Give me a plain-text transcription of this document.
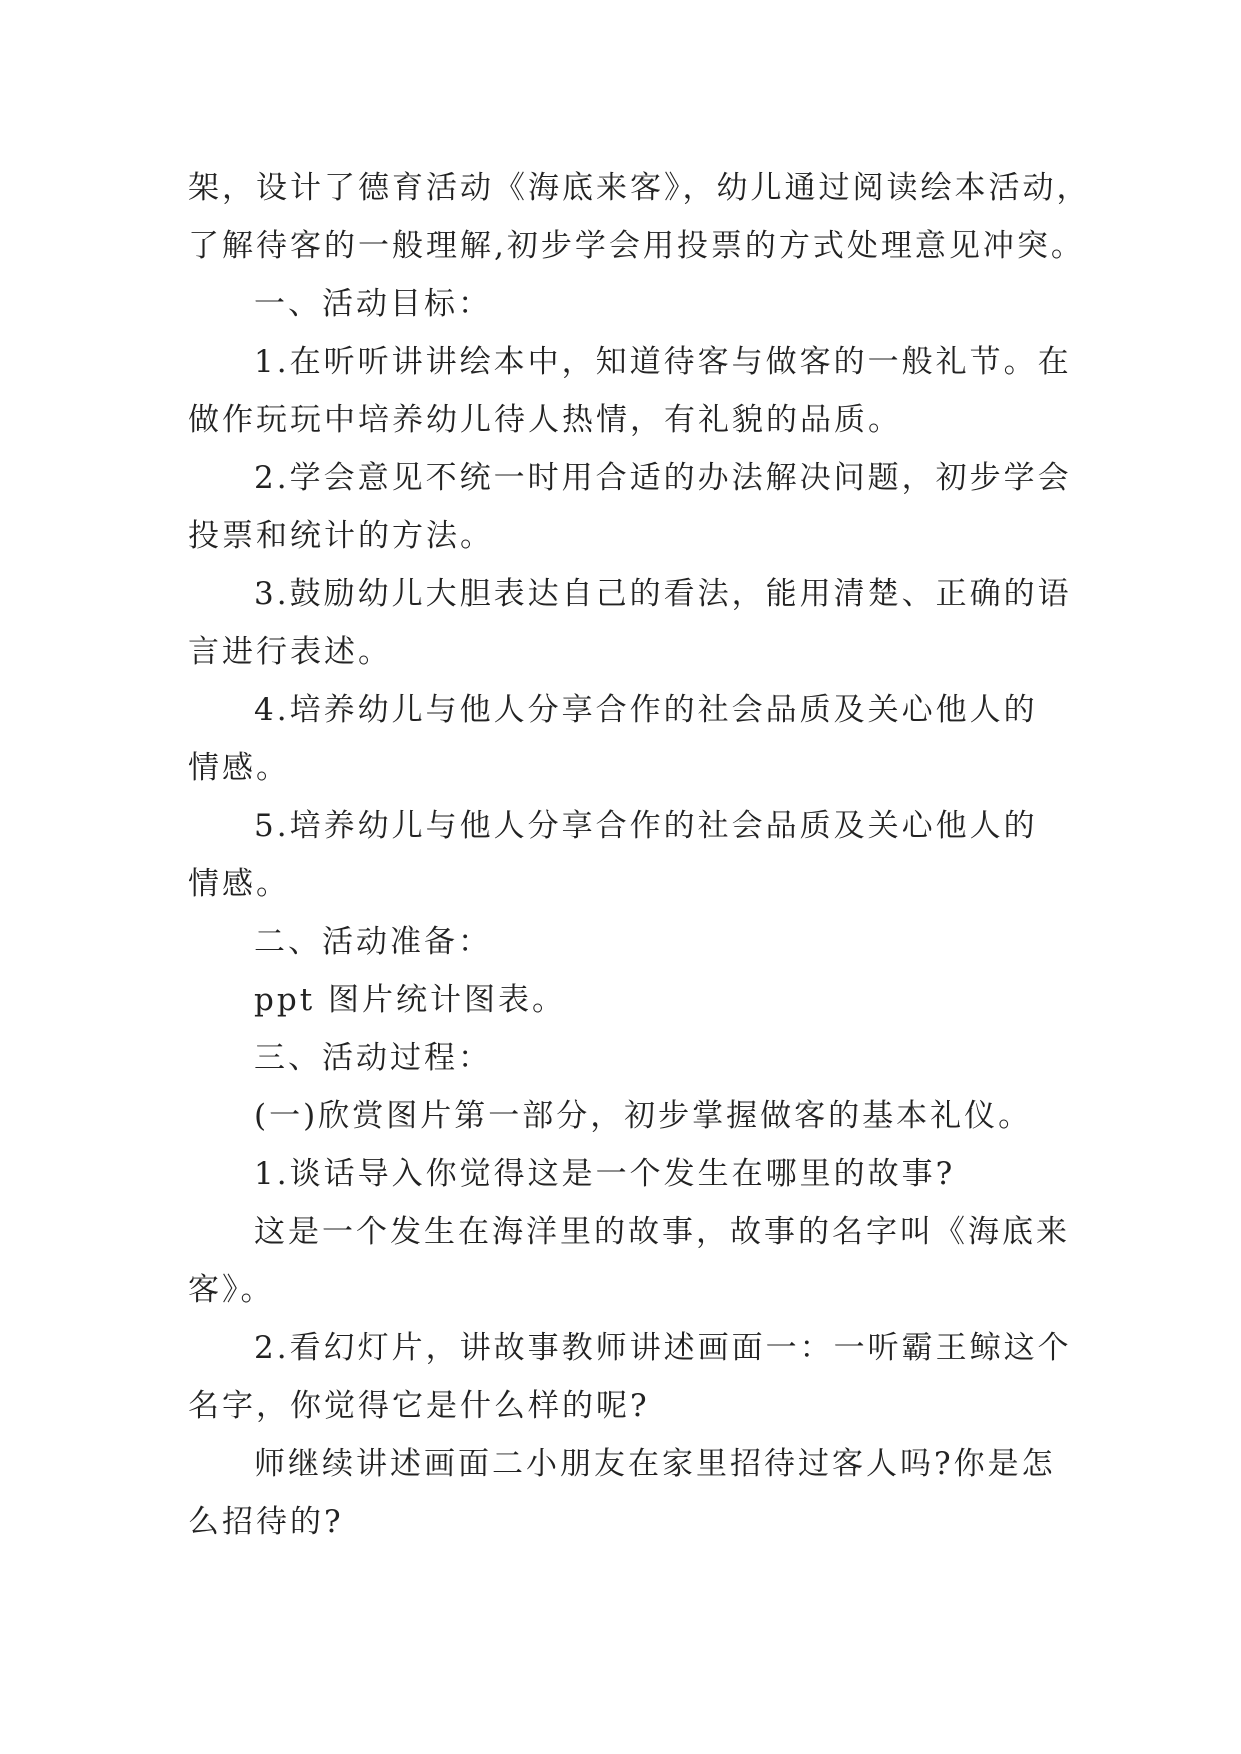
架，设计了德育活动《海底来客》，幼儿通过阅读绘本活动，
了解待客的一般理解,初步学会用投票的方式处理意见冲突。
一、活动目标：
1.在听听讲讲绘本中，知道待客与做客的一般礼节。在
做作玩玩中培养幼儿待人热情，有礼貌的品质。
2.学会意见不统一时用合适的办法解决问题，初步学会
投票和统计的方法。
3.鼓励幼儿大胆表达自己的看法，能用清楚、正确的语
言进行表述。
4.培养幼儿与他人分享合作的社会品质及关心他人的
情感。
5.培养幼儿与他人分享合作的社会品质及关心他人的
情感。
二、活动准备：
ppt 图片统计图表。
三、活动过程：
(一)欣赏图片第一部分，初步掌握做客的基本礼仪。
1.谈话导入你觉得这是一个发生在哪里的故事?
这是一个发生在海洋里的故事，故事的名字叫《海底来
客》。
2.看幻灯片，讲故事教师讲述画面一：一听霸王鲸这个
名字，你觉得它是什么样的呢?
师继续讲述画面二小朋友在家里招待过客人吗?你是怎
么招待的?
